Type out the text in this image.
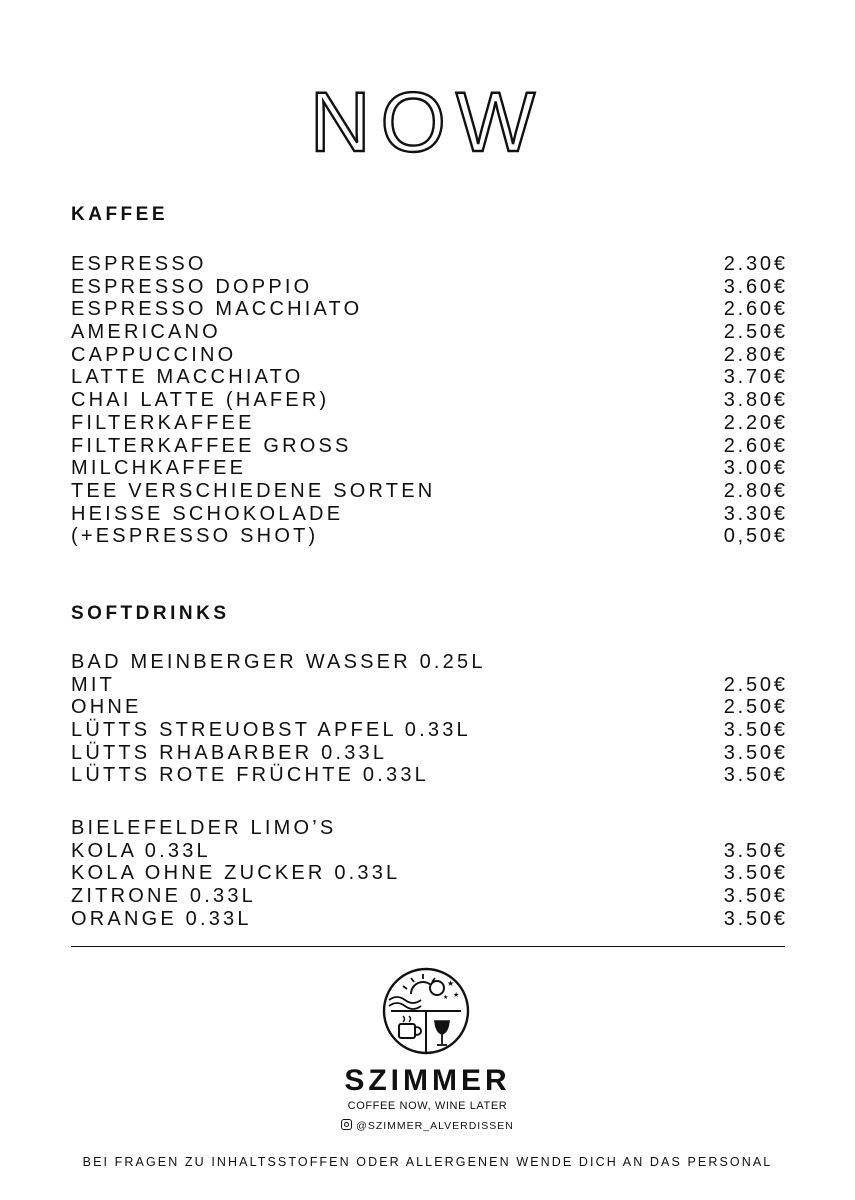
NOW
KAFFEE
ESPRESSO	2.30€
ESPRESSO DOPPIO	3.60€
ESPRESSO MACCHIATO	2.60€
AMERICANO	2.50€
CAPPUCCINO	2.80€
LATTE MACCHIATO	3.70€
CHAI LATTE (HAFER)	3.80€
FILTERKAFFEE	2.20€
FILTERKAFFEE GROSS	2.60€
MILCHKAFFEE	3.00€
TEE VERSCHIEDENE SORTEN	2.80€
HEISSE SCHOKOLADE	3.30€
(+ESPRESSO SHOT)	0,50€
SOFTDRINKS
BAD MEINBERGER WASSER 0.25L
MIT	2.50€
OHNE	2.50€
LÜTTS STREUOBST APFEL 0.33L	3.50€
LÜTTS RHABARBER 0.33L	3.50€
LÜTTS ROTE FRÜCHTE 0.33L	3.50€
BIELEFELDER LIMO’S
KOLA 0.33L	3.50€
KOLA OHNE ZUCKER 0.33L	3.50€
ZITRONE 0.33L	3.50€
ORANGE 0.33L	3.50€
★
★
★
SZIMMER
COFFEE NOW, WINE LATER
@SZIMMER_ALVERDISSEN
BEI FRAGEN ZU INHALTSSTOFFEN ODER ALLERGENEN WENDE DICH AN DAS PERSONAL
